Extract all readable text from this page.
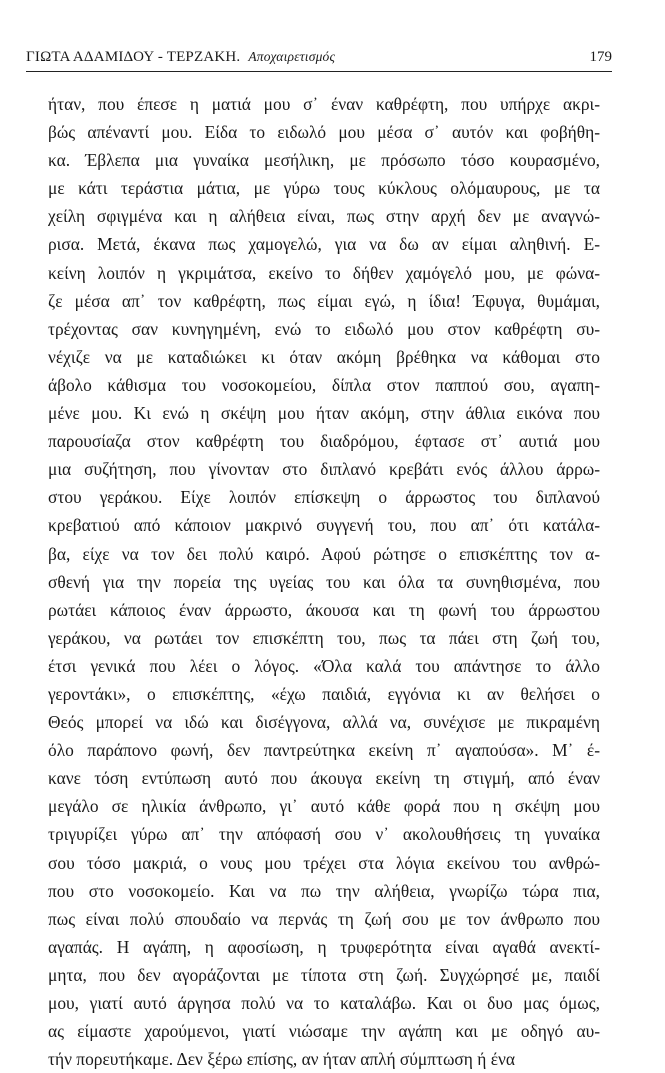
ΓΙΩΤΑ ΑΔΑΜΙΔΟΥ - ΤΕΡΖΑΚΗ. Αποχαιρετισμός	179
ήταν, που έπεσε η ματιά μου σ᾽ έναν καθρέφτη, που υπήρχε ακρι-
βώς απέναντί μου. Είδα το ειδωλό μου μέσα σ᾽ αυτόν και φοβήθη-
κα. Έβλεπα μια γυναίκα μεσήλικη, με πρόσωπο τόσο κουρασμένο,
με κάτι τεράστια μάτια, με γύρω τους κύκλους ολόμαυρους, με τα
χείλη σφιγμένα και η αλήθεια είναι, πως στην αρχή δεν με αναγνώ-
ρισα. Μετά, έκανα πως χαμογελώ, για να δω αν είμαι αληθινή. Ε-
κείνη λοιπόν η γκριμάτσα, εκείνο το δήθεν χαμόγελό μου, με φώνα-
ζε μέσα απ᾽ τον καθρέφτη, πως είμαι εγώ, η ίδια! Έφυγα, θυμάμαι,
τρέχοντας σαν κυνηγημένη, ενώ το ειδωλό μου στον καθρέφτη συ-
νέχιζε να με καταδιώκει κι όταν ακόμη βρέθηκα να κάθομαι στο
άβολο κάθισμα του νοσοκομείου, δίπλα στον παππού σου, αγαπη-
μένε μου. Κι ενώ η σκέψη μου ήταν ακόμη, στην άθλια εικόνα που
παρουσίαζα στον καθρέφτη του διαδρόμου, έφτασε στ᾽ αυτιά μου
μια συζήτηση, που γίνονταν στο διπλανό κρεβάτι ενός άλλου άρρω-
στου γεράκου. Είχε λοιπόν επίσκεψη ο άρρωστος του διπλανού
κρεβατιού από κάποιον μακρινό συγγενή του, που απ᾽ ότι κατάλα-
βα, είχε να τον δει πολύ καιρό. Αφού ρώτησε ο επισκέπτης τον α-
σθενή για την πορεία της υγείας του και όλα τα συνηθισμένα, που
ρωτάει κάποιος έναν άρρωστο, άκουσα και τη φωνή του άρρωστου
γεράκου, να ρωτάει τον επισκέπτη του, πως τα πάει στη ζωή του,
έτσι γενικά που λέει ο λόγος. «Όλα καλά του απάντησε το άλλο
γεροντάκι», ο επισκέπτης, «έχω παιδιά, εγγόνια κι αν θελήσει ο
Θεός μπορεί να ιδώ και δισέγγονα, αλλά να, συνέχισε με πικραμένη
όλο παράπονο φωνή, δεν παντρεύτηκα εκείνη π᾽ αγαπούσα». Μ᾽ έ-
κανε τόση εντύπωση αυτό που άκουγα εκείνη τη στιγμή, από έναν
μεγάλο σε ηλικία άνθρωπο, γι᾽ αυτό κάθε φορά που η σκέψη μου
τριγυρίζει γύρω απ᾽ την απόφασή σου ν᾽ ακολουθήσεις τη γυναίκα
σου τόσο μακριά, ο νους μου τρέχει στα λόγια εκείνου του ανθρώ-
που στο νοσοκομείο. Και να πω την αλήθεια, γνωρίζω τώρα πια,
πως είναι πολύ σπουδαίο να περνάς τη ζωή σου με τον άνθρωπο που
αγαπάς. Η αγάπη, η αφοσίωση, η τρυφερότητα είναι αγαθά ανεκτί-
μητα, που δεν αγοράζονται με τίποτα στη ζωή. Συγχώρησέ με, παιδί
μου, γιατί αυτό άργησα πολύ να το καταλάβω. Και οι δυο μας όμως,
ας είμαστε χαρούμενοι, γιατί νιώσαμε την αγάπη και με οδηγό αυ-
τήν πορευτήκαμε. Δεν ξέρω επίσης, αν ήταν απλή σύμπτωση ή ένα
